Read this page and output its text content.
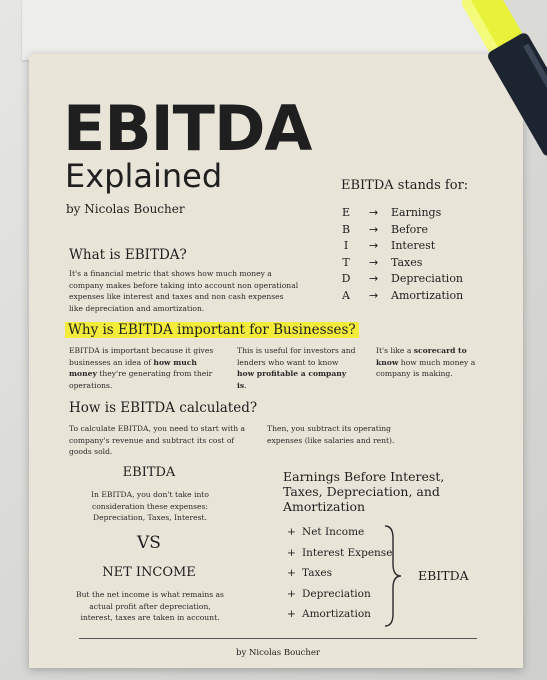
EBITDA
Explained
by Nicolas Boucher
EBITDA stands for:
E → Earnings
B → Before
I	→ Interest
T	→ Taxes
D → Depreciation
A → Amortization
What is EBITDA?
It's a financial metric that shows how much money a company makes before taking into account non operational expenses like interest and taxes and non cash expenses like depreciation and amortization.
Why is EBITDA important for Businesses?
EBITDA is important because it gives businesses an idea of how much money they're generating from their operations.
This is useful for investors and lenders who want to know how profitable a company is.
It's like a scorecard to know how much money a company is making.
How is EBITDA calculated?
To calculate EBITDA, you need to start with a company's revenue and subtract its cost of goods sold.
Then, you subtract its operating expenses (like salaries and rent).
EBITDA
In EBITDA, you don't take into consideration these expenses: Depreciation, Taxes, Interest.
VS
NET INCOME
But the net income is what remains as actual profit after depreciation, interest, taxes are taken in account.
Earnings Before Interest, Taxes, Depreciation, and Amortization
+ Net Income
+ Interest Expense
+ Taxes
+ Depreciation
+ Amortization
EBITDA
by Nicolas Boucher
